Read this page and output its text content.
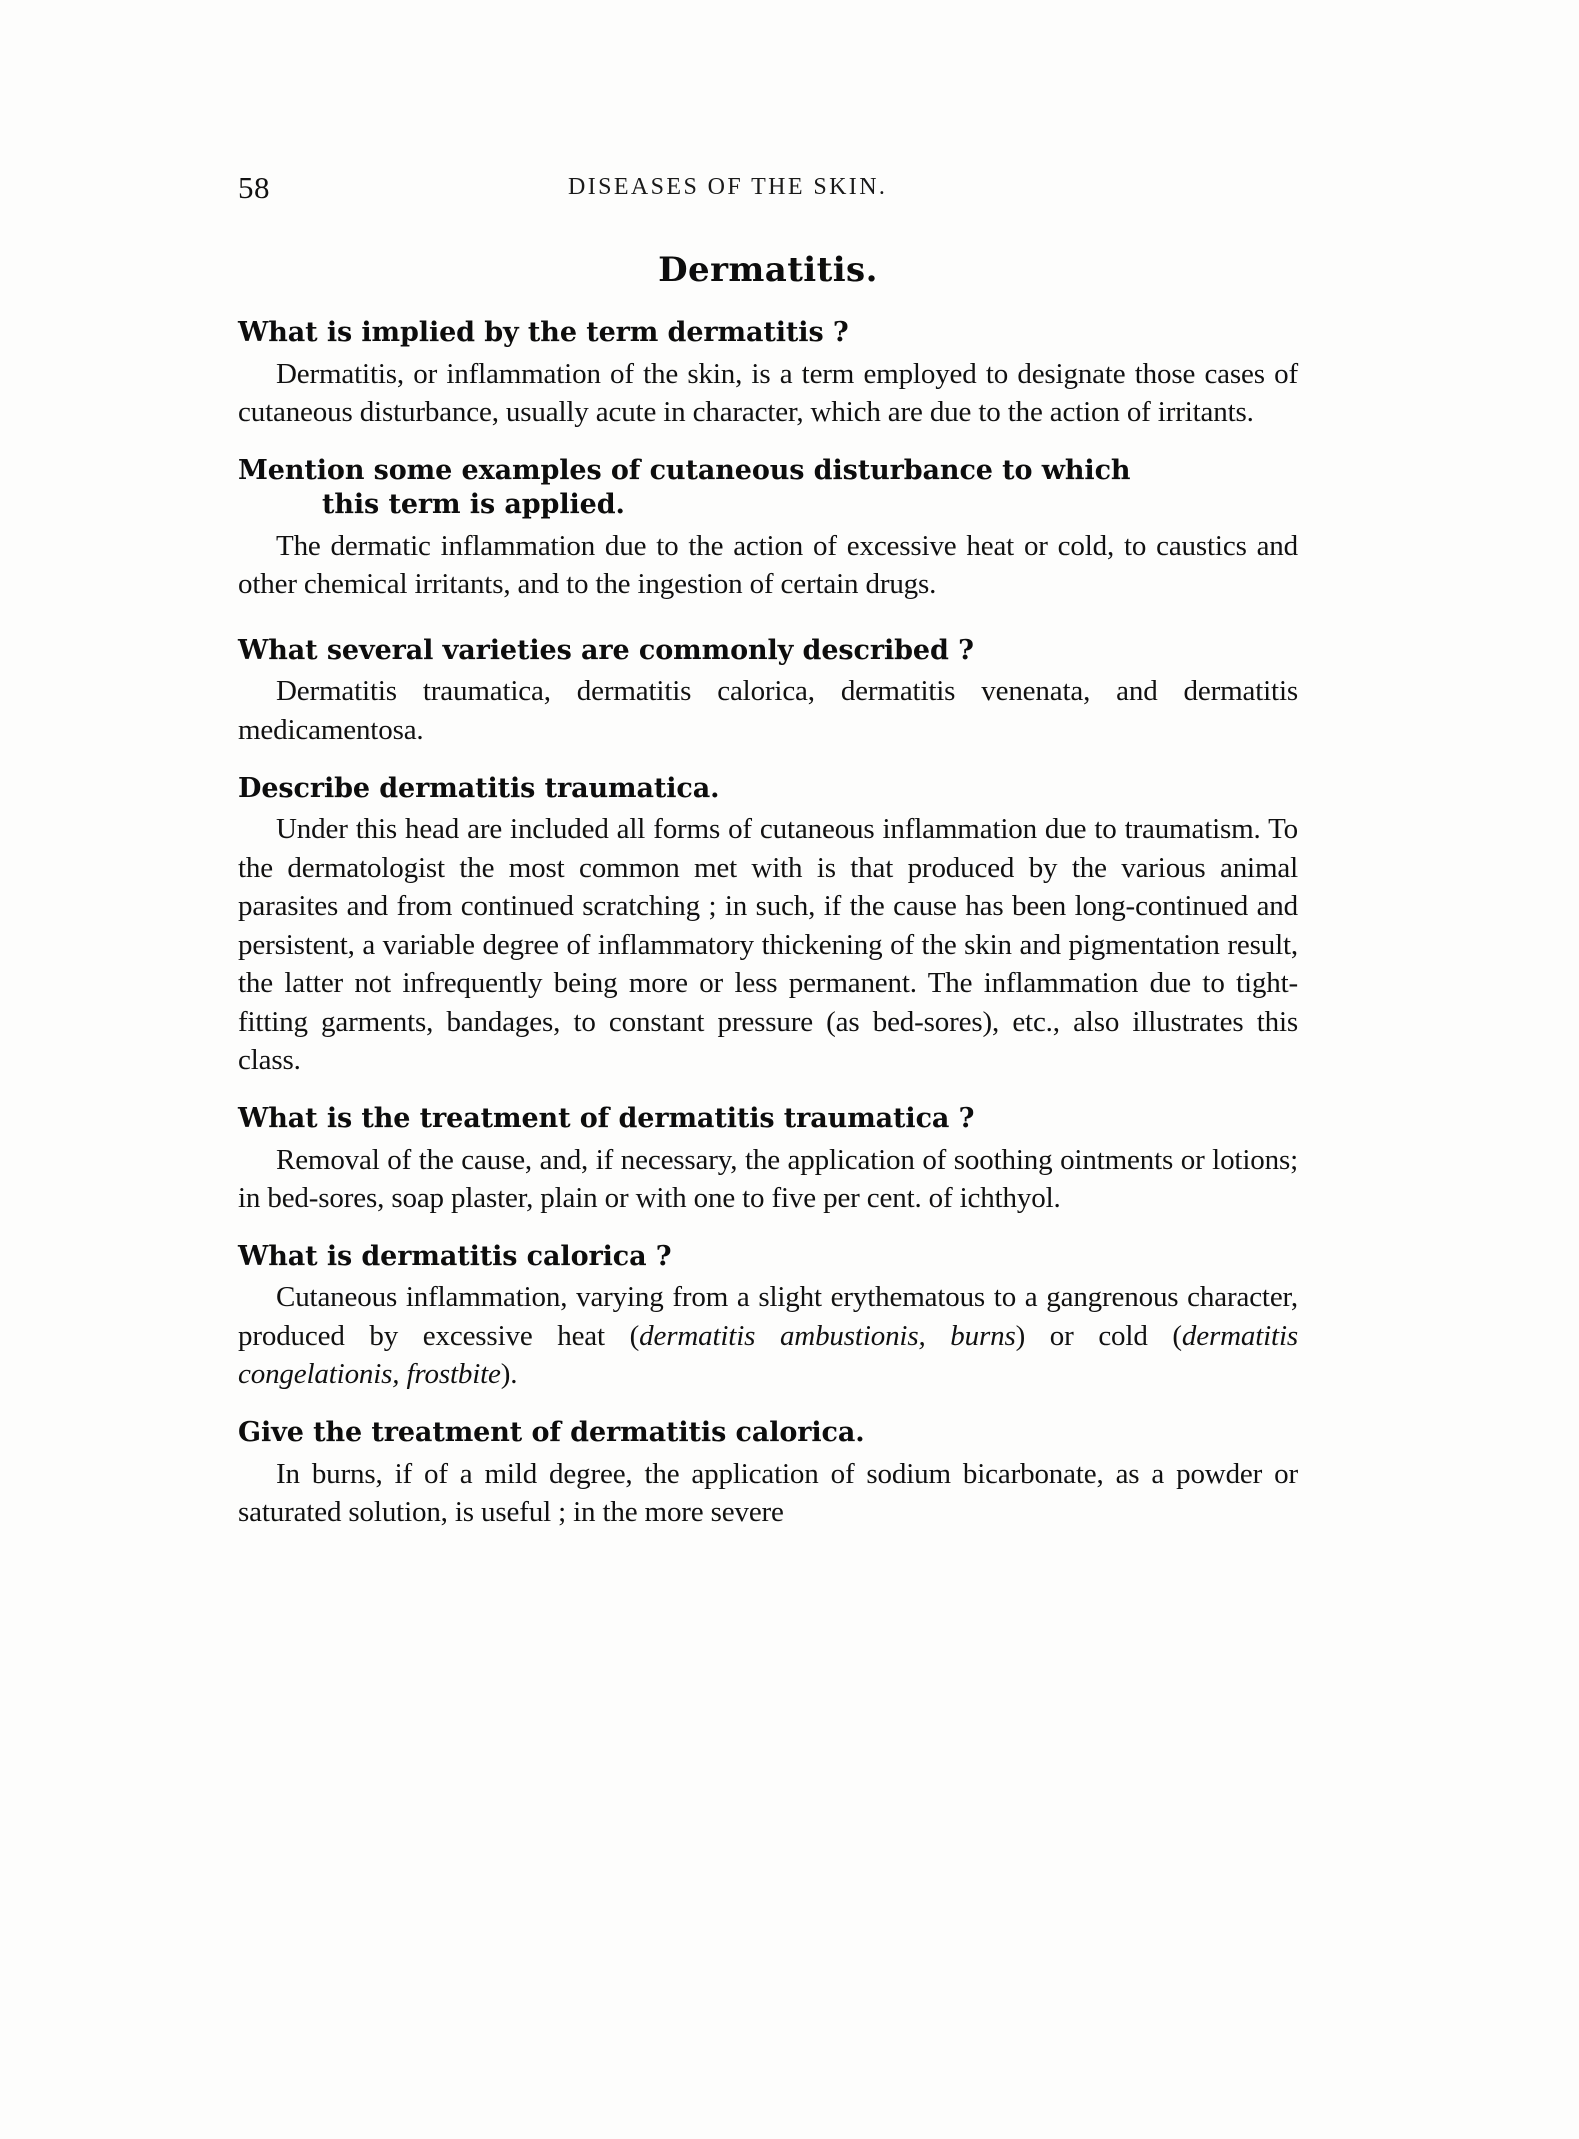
58	DISEASES OF THE SKIN.
Dermatitis.

What is implied by the term dermatitis ?

Dermatitis, or inflammation of the skin, is a term employed to designate those cases of cutaneous disturbance, usually acute in character, which are due to the action of irritants.

Mention some examples of cutaneous disturbance to which
this term is applied.

The dermatic inflammation due to the action of excessive heat or cold, to caustics and other chemical irritants, and to the ingestion of certain drugs.

What several varieties are commonly described ?

Dermatitis traumatica, dermatitis calorica, dermatitis venenata, and dermatitis medicamentosa.

Describe dermatitis traumatica.

Under this head are included all forms of cutaneous inflammation due to traumatism. To the dermatologist the most common met with is that produced by the various animal parasites and from continued scratching ; in such, if the cause has been long-continued and persistent, a variable degree of inflammatory thickening of the skin and pigmentation result, the latter not infrequently being more or less permanent. The inflammation due to tight-fitting garments, bandages, to constant pressure (as bed-sores), etc., also illustrates this class.

What is the treatment of dermatitis traumatica ?

Removal of the cause, and, if necessary, the application of soothing ointments or lotions; in bed-sores, soap plaster, plain or with one to five per cent. of ichthyol.

What is dermatitis calorica ?

Cutaneous inflammation, varying from a slight erythematous to a gangrenous character, produced by excessive heat (dermatitis ambustionis, burns) or cold (dermatitis congelationis, frostbite).

Give the treatment of dermatitis calorica.

In burns, if of a mild degree, the application of sodium bicarbonate, as a powder or saturated solution, is useful ; in the more severe
